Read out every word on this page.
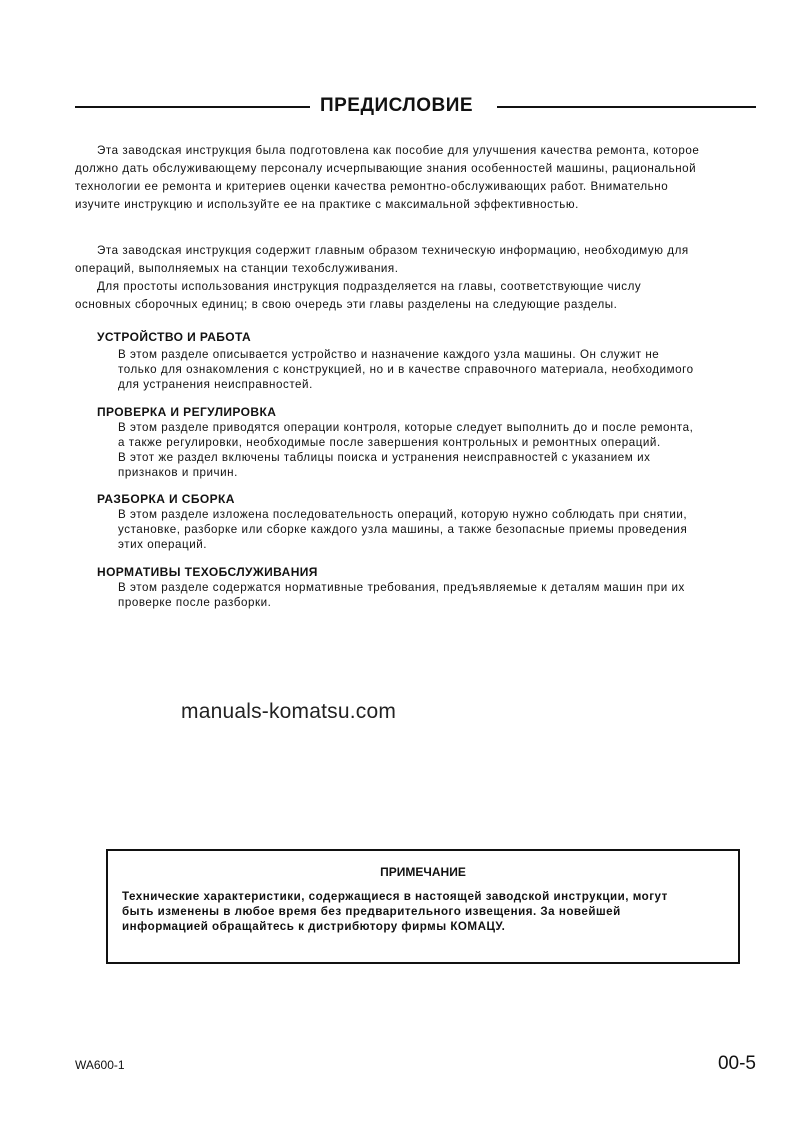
ПРЕДИСЛОВИЕ
Эта заводская инструкция была подготовлена как пособие для улучшения качества ремонта, которое
должно дать обслуживающему персоналу исчерпывающие знания особенностей машины, рациональной
технологии ее ремонта и критериев оценки качества ремонтно-обслуживающих работ. Внимательно
изучите инструкцию и используйте ее на практике с максимальной эффективностью.
Эта заводская инструкция содержит главным образом техническую информацию, необходимую для
операций, выполняемых на станции техобслуживания.
Для простоты использования инструкция подразделяется на главы, соответствующие числу
основных сборочных единиц; в свою очередь эти главы разделены на следующие разделы.
УСТРОЙСТВО И РАБОТА
В этом разделе описывается устройство и назначение каждого узла машины. Он служит не
только для ознакомления с конструкцией, но и в качестве справочного материала, необходимого
для устранения неисправностей.
ПРОВЕРКА И РЕГУЛИРОВКА
В этом разделе приводятся операции контроля, которые следует выполнить до и после ремонта,
а также регулировки, необходимые после завершения контрольных и ремонтных операций.
В этот же раздел включены таблицы поиска и устранения неисправностей с указанием их
признаков и причин.
РАЗБОРКА И СБОРКА
В этом разделе изложена последовательность операций, которую нужно соблюдать при снятии,
установке, разборке или сборке каждого узла машины, а также безопасные приемы проведения
этих операций.
НОРМАТИВЫ ТЕХОБСЛУЖИВАНИЯ
В этом разделе содержатся нормативные требования, предъявляемые к деталям машин при их
проверке после разборки.
manuals-komatsu.com
ПРИМЕЧАНИЕ
Технические характеристики, содержащиеся в настоящей заводской инструкции, могут
быть изменены в любое время без предварительного извещения. За новейшей
информацией обращайтесь к дистрибютору фирмы КОМАЦУ.
WA600-1	00-5
